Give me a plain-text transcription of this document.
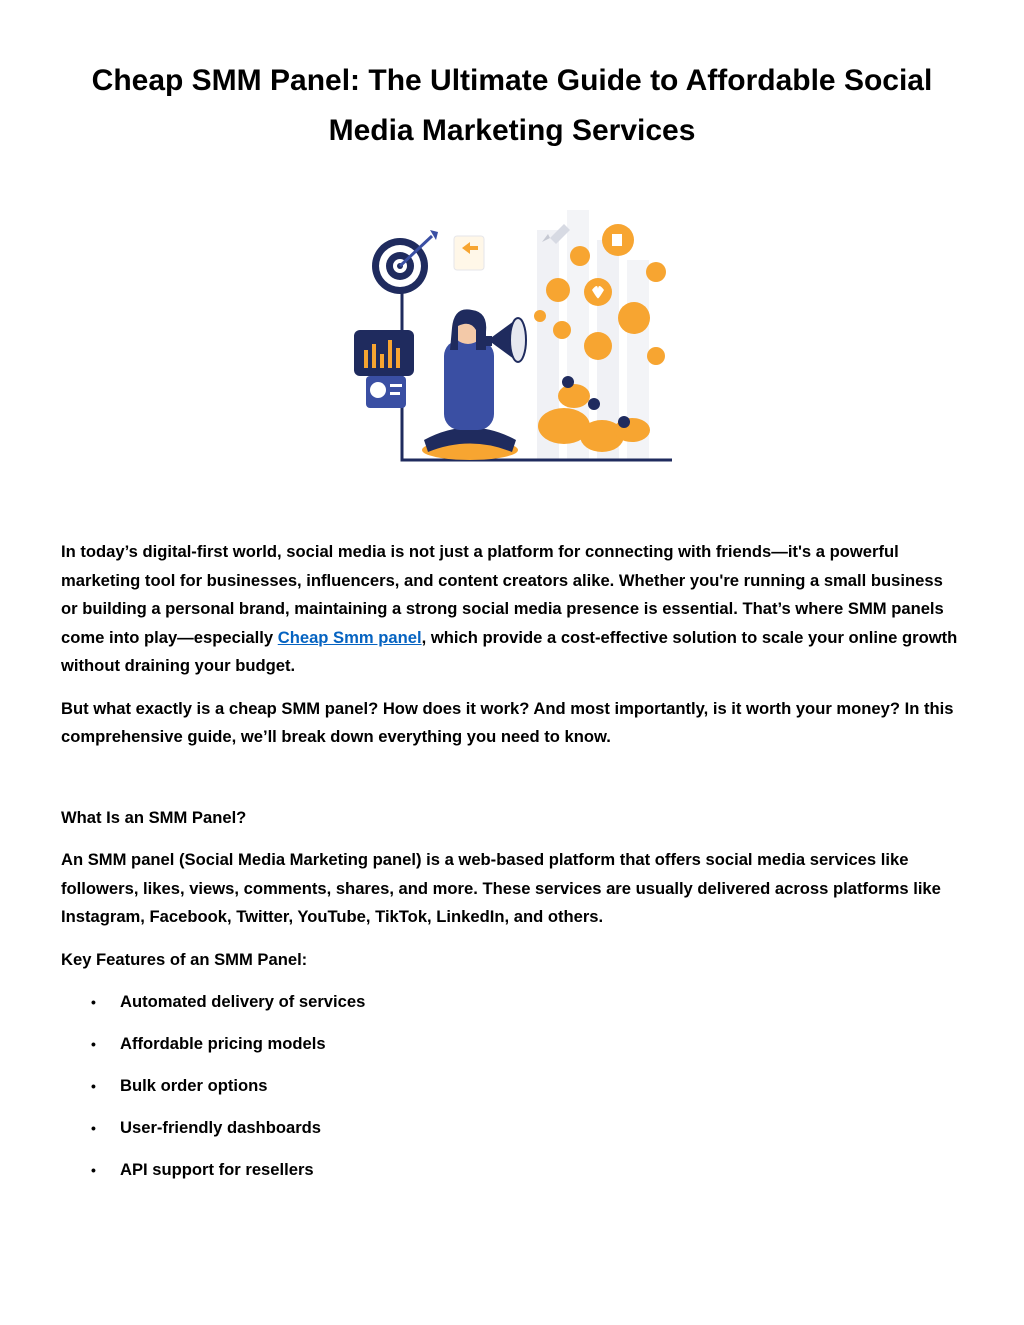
Cheap SMM Panel: The Ultimate Guide to Affordable Social Media Marketing Services

In today’s digital-first world, social media is not just a platform for connecting with friends—it's a powerful marketing tool for businesses, influencers, and content creators alike. Whether you're running a small business or building a personal brand, maintaining a strong social media presence is essential. That’s where SMM panels come into play—especially Cheap Smm panel, which provide a cost-effective solution to scale your online growth without draining your budget.

But what exactly is a cheap SMM panel? How does it work? And most importantly, is it worth your money? In this comprehensive guide, we’ll break down everything you need to know.

What Is an SMM Panel?

An SMM panel (Social Media Marketing panel) is a web-based platform that offers social media services like followers, likes, views, comments, shares, and more. These services are usually delivered across platforms like Instagram, Facebook, Twitter, YouTube, TikTok, LinkedIn, and others.

Key Features of an SMM Panel:

• Automated delivery of services
• Affordable pricing models
• Bulk order options
• User-friendly dashboards
• API support for resellers
